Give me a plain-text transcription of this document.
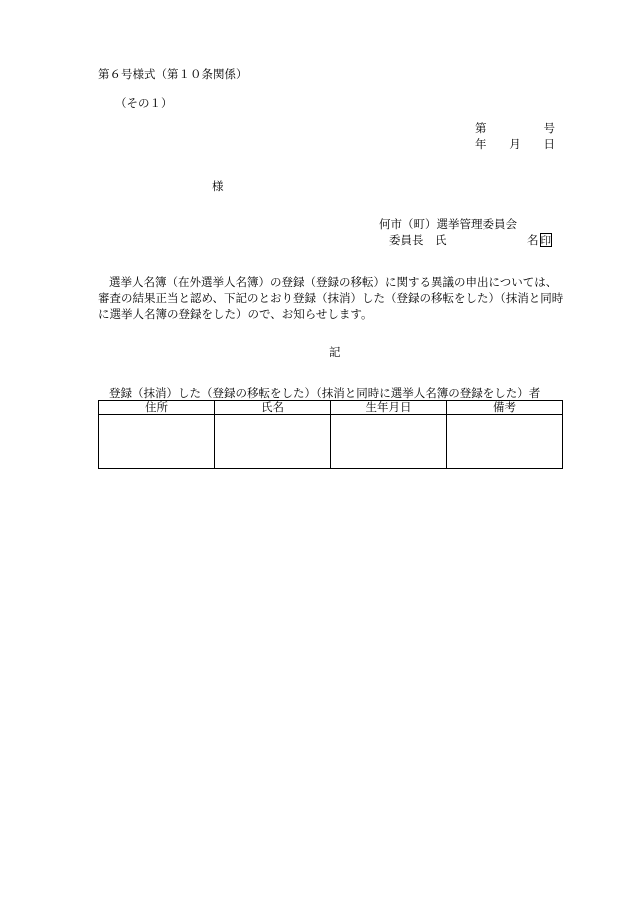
第６号様式（第１０条関係）
（その１）
第	号
年 月 日
様
何市（町）選挙管理委員会
委員長　氏	名 印
選挙人名簿（在外選挙人名簿）の登録（登録の移転）に関する異議の申出については、審査の結果正当と認め、下記のとおり登録（抹消）した（登録の移転をした）（抹消と同時に選挙人名簿の登録をした）ので、お知らせします。
記
登録（抹消）した（登録の移転をした）（抹消と同時に選挙人名簿の登録をした）者
住所	氏名	生年月日	備考
